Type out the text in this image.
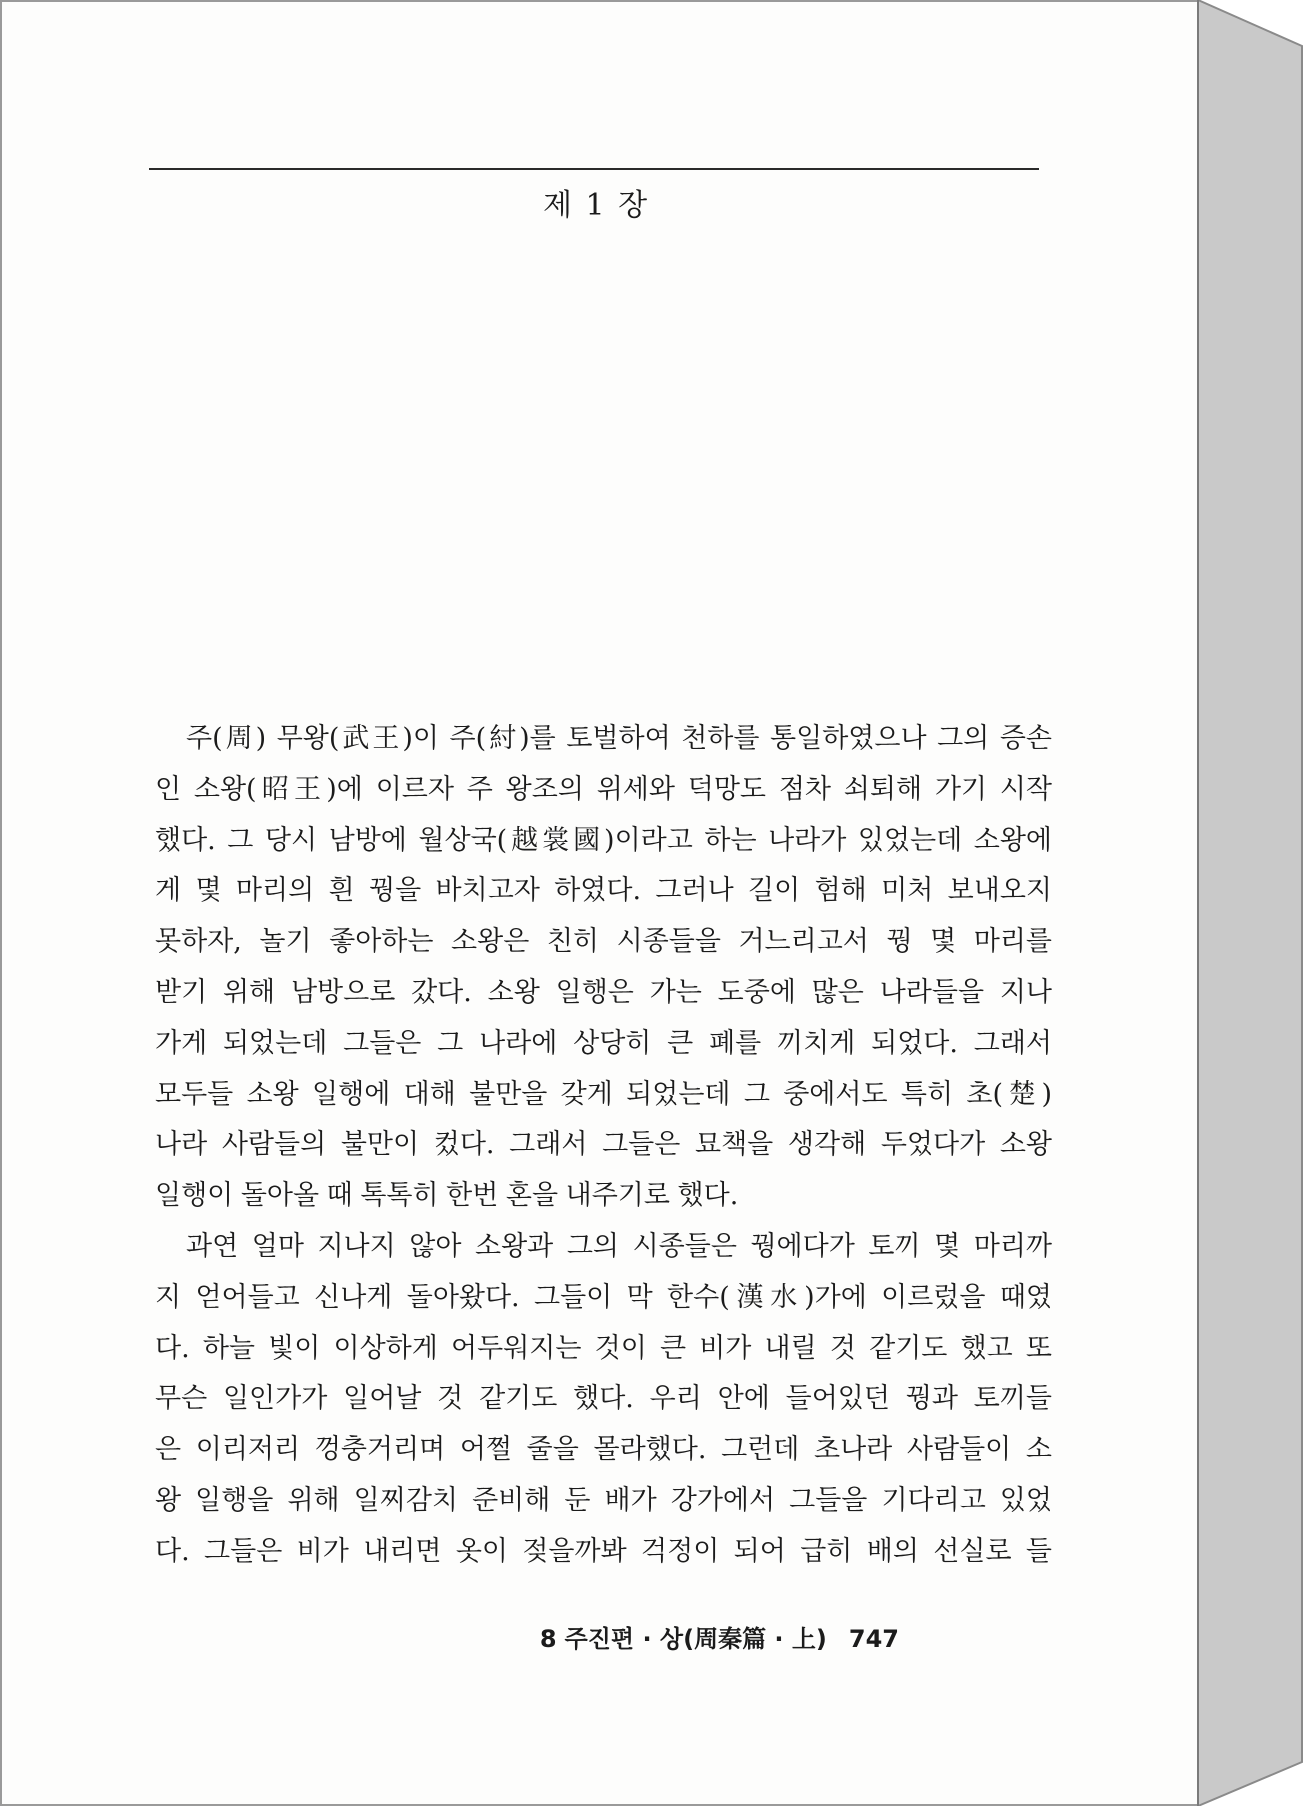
제 1 장
주(周) 무왕(武王)이 주(紂)를 토벌하여 천하를 통일하였으나 그의 증손
인 소왕(昭王)에 이르자 주 왕조의 위세와 덕망도 점차 쇠퇴해 가기 시작
했다. 그 당시 남방에 월상국(越裳國)이라고 하는 나라가 있었는데 소왕에
게 몇 마리의 흰 꿩을 바치고자 하였다. 그러나 길이 험해 미처 보내오지
못하자, 놀기 좋아하는 소왕은 친히 시종들을 거느리고서 꿩 몇 마리를
받기 위해 남방으로 갔다. 소왕 일행은 가는 도중에 많은 나라들을 지나
가게 되었는데 그들은 그 나라에 상당히 큰 폐를 끼치게 되었다. 그래서
모두들 소왕 일행에 대해 불만을 갖게 되었는데 그 중에서도 특히 초(楚)
나라 사람들의 불만이 컸다. 그래서 그들은 묘책을 생각해 두었다가 소왕
일행이 돌아올 때 톡톡히 한번 혼을 내주기로 했다.
과연 얼마 지나지 않아 소왕과 그의 시종들은 꿩에다가 토끼 몇 마리까
지 얻어들고 신나게 돌아왔다. 그들이 막 한수(漢水)가에 이르렀을 때였
다. 하늘 빛이 이상하게 어두워지는 것이 큰 비가 내릴 것 같기도 했고 또
무슨 일인가가 일어날 것 같기도 했다. 우리 안에 들어있던 꿩과 토끼들
은 이리저리 껑충거리며 어쩔 줄을 몰라했다. 그런데 초나라 사람들이 소
왕 일행을 위해 일찌감치 준비해 둔 배가 강가에서 그들을 기다리고 있었
다. 그들은 비가 내리면 옷이 젖을까봐 걱정이 되어 급히 배의 선실로 들
8 주진편 · 상(周秦篇 · 上) 747
